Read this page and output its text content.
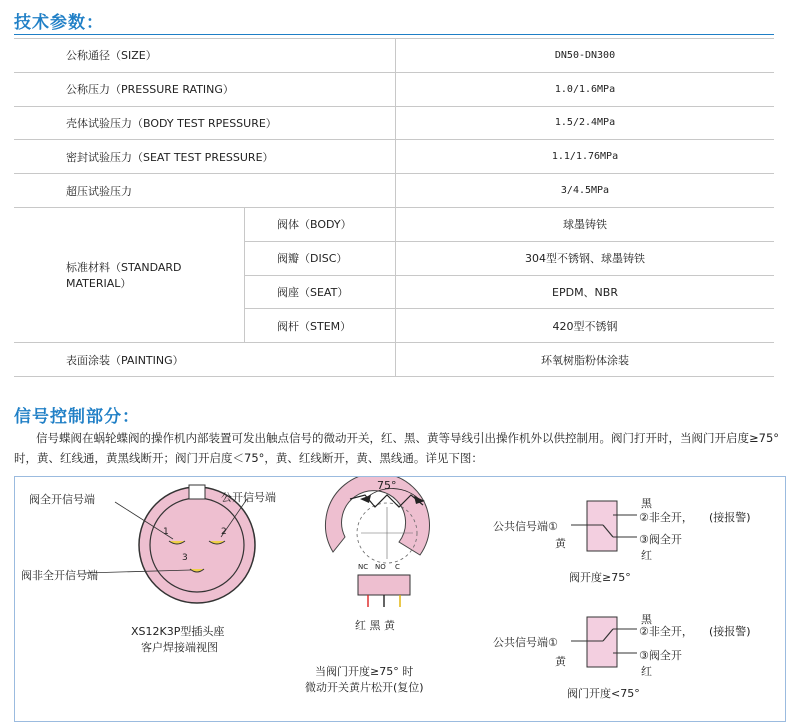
技术参数：
公称通径（SIZE）		DN50-DN300
公称压力（PRESSURE RATING）		1.0/1.6MPa
壳体试验压力（BODY TEST RPESSURE）		1.5/2.4MPa
密封试验压力（SEAT TEST PRESSURE）		1.1/1.76MPa
超压试验压力		3/4.5MPa
标准材料（STANDARD MATERIAL）	阀体（BODY）	球墨铸铁
	阀瓣（DISC）	304型不锈钢、球墨铸铁
	阀座（SEAT）	EPDM、NBR
	阀杆（STEM）	420型不锈钢
表面涂装（PAINTING）		环氧树脂粉体涂装
信号控制部分：
信号蝶阀在蜗轮蝶阀的操作机内部装置可发出触点信号的微动开关，红、黑、黄等导线引出操作机外以供控制用。阀门打开时，当阀门开启度≥75°时，黄、红线通，黄黑线断开；阀门开启度＜75°，黄、红线断开，黄、黑线通。详见下图：
阀全开信号端	公开信号端
阀非全开信号端
1	2
3
XS12K3P型插头座
客户焊接端视图
75°
NC NO C
红 黑 黄
当阀门开度≥75° 时
微动开关黄片松开(复位)
公共信号端①
黄
黑
②非全开， (接报警)
③阀全开
红
阀开度≥75°
公共信号端①
黄
黑
②非全开， (接报警)
③阀全开
红
阀门开度<75°
